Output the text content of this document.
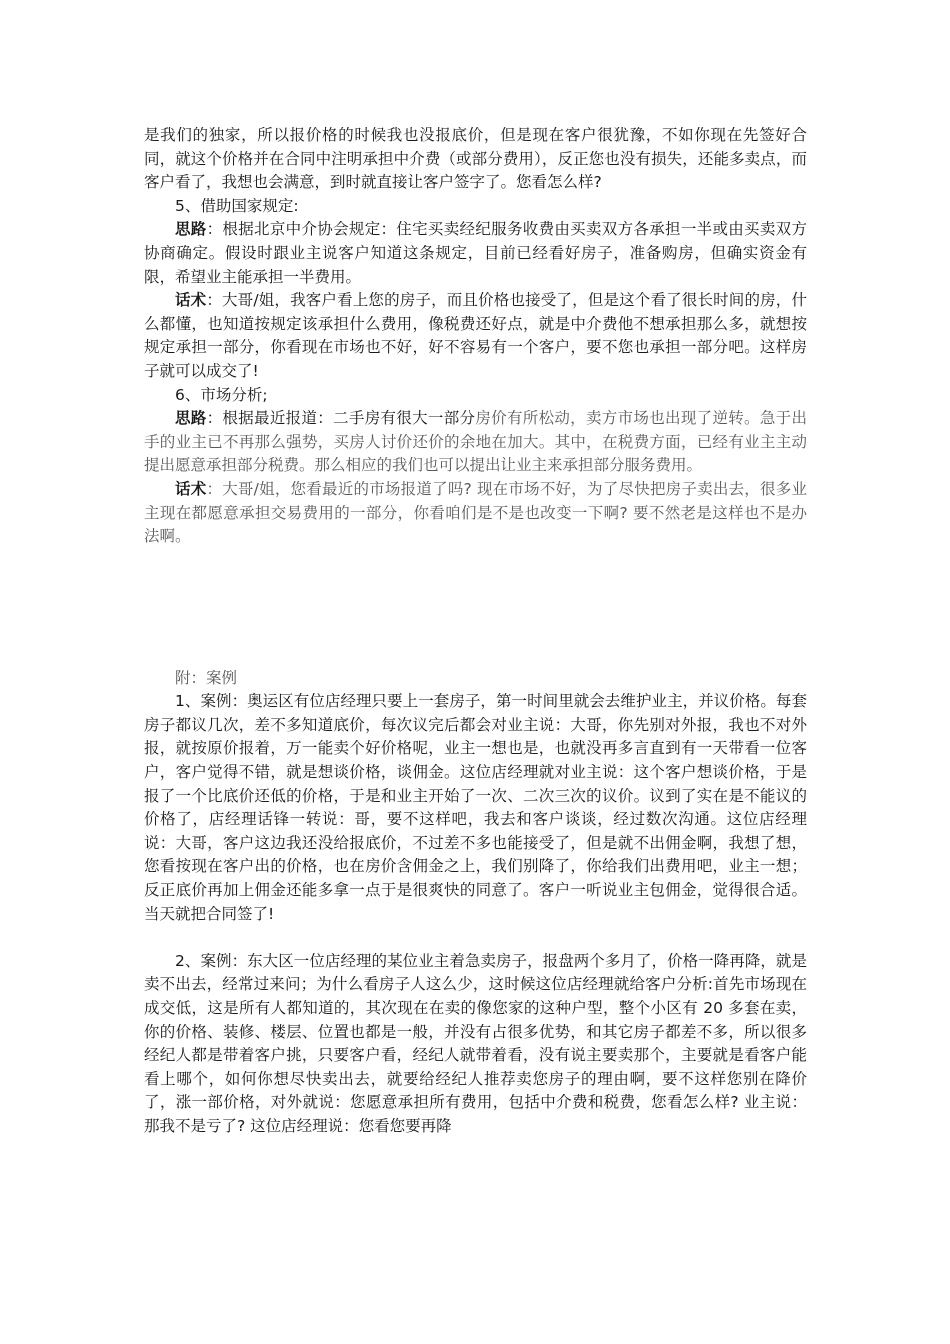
是我们的独家，所以报价格的时候我也没报底价，但是现在客户很犹豫，不如你现在先签好合同，就这个价格并在合同中注明承担中介费（或部分费用），反正您也没有损失，还能多卖点，而客户看了，我想也会满意，到时就直接让客户签字了。您看怎么样?

5、借助国家规定:

思路：根据北京中介协会规定：住宅买卖经纪服务收费由买卖双方各承担一半或由买卖双方协商确定。假设时跟业主说客户知道这条规定，目前已经看好房子，准备购房，但确实资金有限，希望业主能承担一半费用。

话术：大哥/姐，我客户看上您的房子，而且价格也接受了，但是这个看了很长时间的房，什么都懂，也知道按规定该承担什么费用，像税费还好点，就是中介费他不想承担那么多，就想按规定承担一部分，你看现在市场也不好，好不容易有一个客户，要不您也承担一部分吧。这样房子就可以成交了!

6、市场分析;

思路：根据最近报道：二手房有很大一部分房价有所松动，卖方市场也出现了逆转。急于出手的业主已不再那么强势，买房人讨价还价的余地在加大。其中，在税费方面，已经有业主主动提出愿意承担部分税费。那么相应的我们也可以提出让业主来承担部分服务费用。

话术：大哥/姐，您看最近的市场报道了吗? 现在市场不好，为了尽快把房子卖出去，很多业主现在都愿意承担交易费用的一部分，你看咱们是不是也改变一下啊? 要不然老是这样也不是办法啊。

附：案例

1、案例：奥运区有位店经理只要上一套房子，第一时间里就会去维护业主，并议价格。每套房子都议几次，差不多知道底价，每次议完后都会对业主说：大哥，你先别对外报，我也不对外报，就按原价报着，万一能卖个好价格呢，业主一想也是，也就没再多言直到有一天带看一位客户，客户觉得不错，就是想谈价格，谈佣金。这位店经理就对业主说：这个客户想谈价格，于是报了一个比底价还低的价格，于是和业主开始了一次、二次三次的议价。议到了实在是不能议的价格了，店经理话锋一转说：哥，要不这样吧，我去和客户谈谈，经过数次沟通。这位店经理说：大哥，客户这边我还没给报底价，不过差不多也能接受了，但是就不出佣金啊，我想了想，您看按现在客户出的价格，也在房价含佣金之上，我们别降了，你给我们出费用吧，业主一想；反正底价再加上佣金还能多拿一点于是很爽快的同意了。客户一听说业主包佣金，觉得很合适。当天就把合同签了!

2、案例：东大区一位店经理的某位业主着急卖房子，报盘两个多月了，价格一降再降，就是卖不出去，经常过来问；为什么看房子人这么少，这时候这位店经理就给客户分析:首先市场现在成交低，这是所有人都知道的，其次现在在卖的像您家的这种户型，整个小区有 20 多套在卖，你的价格、装修、楼层、位置也都是一般，并没有占很多优势，和其它房子都差不多，所以很多经纪人都是带着客户挑，只要客户看，经纪人就带着看，没有说主要卖那个，主要就是看客户能看上哪个，如何你想尽快卖出去，就要给经纪人推荐卖您房子的理由啊，要不这样您别在降价了，涨一部价格，对外就说：您愿意承担所有费用，包括中介费和税费，您看怎么样? 业主说：那我不是亏了? 这位店经理说：您看您要再降
